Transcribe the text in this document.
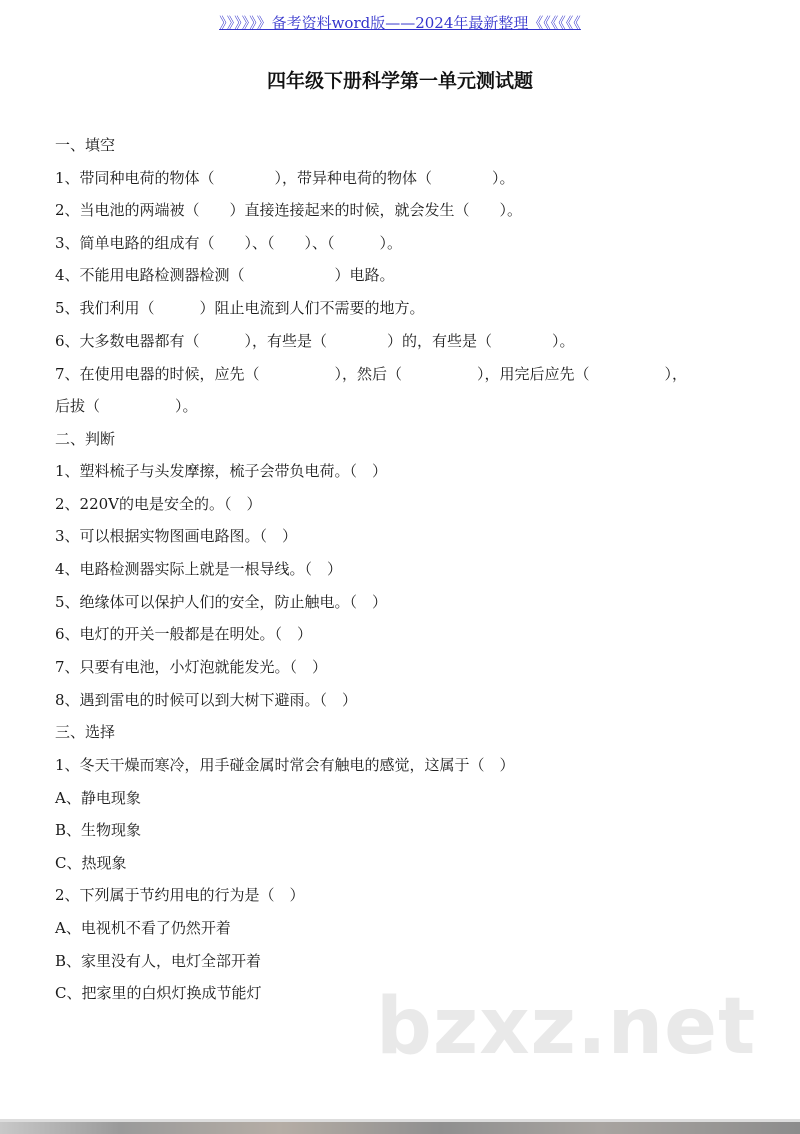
》》》》》》备考资料word版——2024年最新整理《《《《《《
四年级下册科学第一单元测试题
一、填空
1、带同种电荷的物体（　　　　），带异种电荷的物体（　　　　）。
2、当电池的两端被（　　）直接连接起来的时候，就会发生（　　）。
3、简单电路的组成有（　　）、（　　）、（　　　）。
4、不能用电路检测器检测（　　　　　　）电路。
5、我们利用（　　　）阻止电流到人们不需要的地方。
6、大多数电器都有（　　　），有些是（　　　　）的，有些是（　　　　）。
7、在使用电器的时候，应先（　　　　　），然后（　　　　　），用完后应先（　　　　　），
后拔（　　　　　）。
二、判断
1、塑料梳子与头发摩擦，梳子会带负电荷。（　）
2、220V的电是安全的。（　）
3、可以根据实物图画电路图。（　）
4、电路检测器实际上就是一根导线。（　）
5、绝缘体可以保护人们的安全，防止触电。（　）
6、电灯的开关一般都是在明处。（　）
7、只要有电池，小灯泡就能发光。（　）
8、遇到雷电的时候可以到大树下避雨。（　）
三、选择
1、冬天干燥而寒冷，用手碰金属时常会有触电的感觉，这属于（　）
A、静电现象
B、生物现象
C、热现象
2、下列属于节约用电的行为是（　）
A、电视机不看了仍然开着
B、家里没有人，电灯全部开着
C、把家里的白炽灯换成节能灯 bzxz.net
